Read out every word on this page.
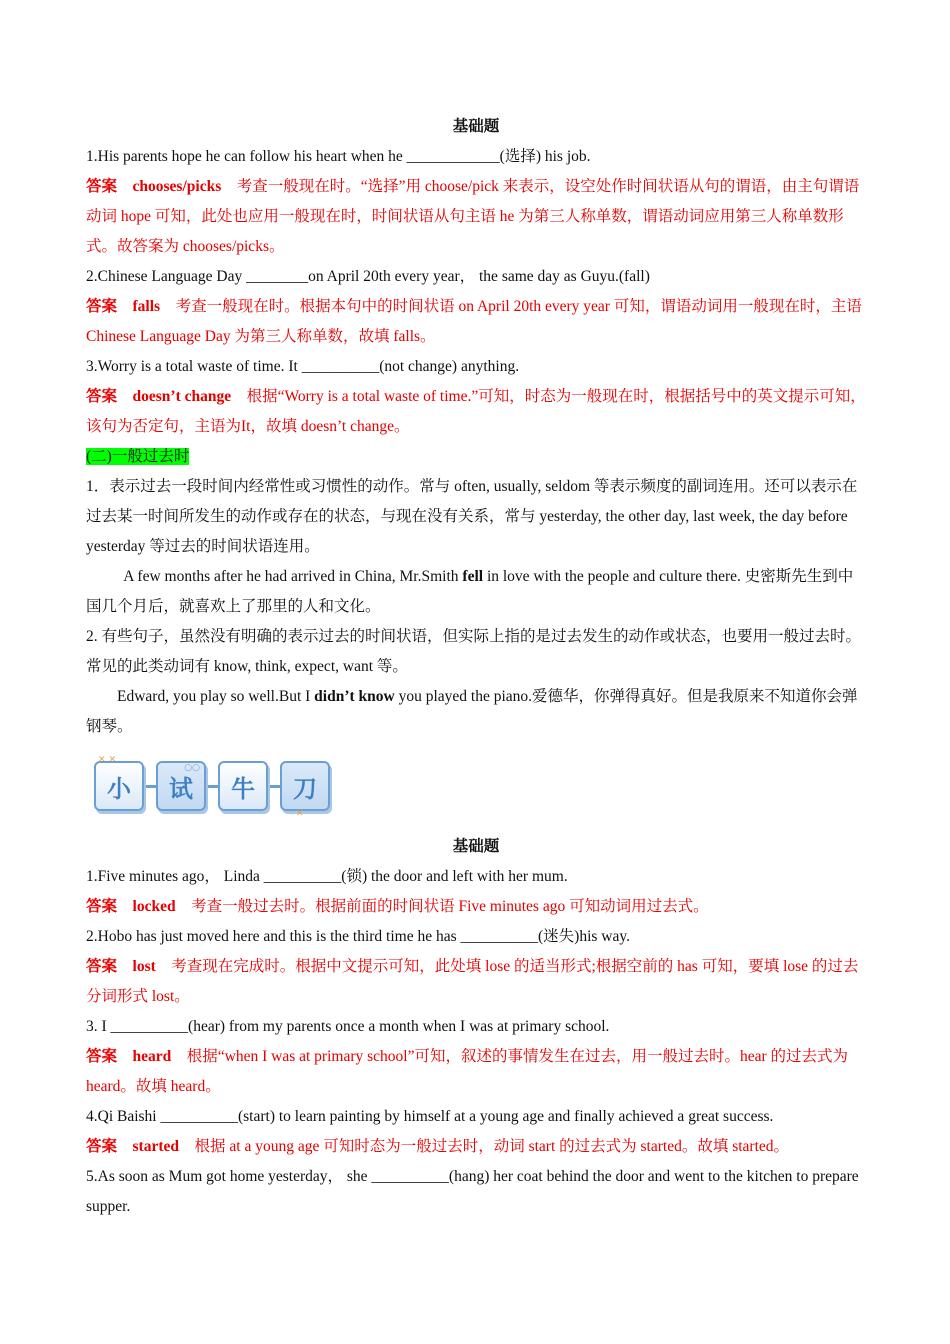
基础题

1.His parents hope he can follow his heart when he ____________(选择) his job.

答案 chooses/picks 考查一般现在时。“选择”用 choose/pick 来表示，设空处作时间状语从句的谓语，由主句谓语动词 hope 可知，此处也应用一般现在时，时间状语从句主语 he 为第三人称单数，谓语动词应用第三人称单数形式。故答案为 chooses/picks。

2.Chinese Language Day ________on April 20th every year， the same day as Guyu.(fall)

答案 falls 考查一般现在时。根据本句中的时间状语 on April 20th every year 可知，谓语动词用一般现在时，主语 Chinese Language Day 为第三人称单数，故填 falls。

3.Worry is a total waste of time. It __________(not change) anything.

答案 doesn’t change 根据“Worry is a total waste of time.”可知，时态为一般现在时，根据括号中的英文提示可知，该句为否定句，主语为It，故填 doesn’t change。

(二)一般过去时

1．表示过去一段时间内经常性或习惯性的动作。常与 often, usually, seldom 等表示频度的副词连用。还可以表示在过去某一时间所发生的动作或存在的状态，与现在没有关系，常与 yesterday, the other day, last week, the day before yesterday 等过去的时间状语连用。

A few months after he had arrived in China, Mr.Smith fell in love with the people and culture there. 史密斯先生到中国几个月后，就喜欢上了那里的人和文化。

2. 有些句子，虽然没有明确的表示过去的时间状语，但实际上指的是过去发生的动作或状态，也要用一般过去时。常见的此类动词有 know, think, expect, want 等。

Edward, you play so well.But I didn’t know you played the piano.爱德华，你弹得真好。但是我原来不知道你会弹钢琴。

✕ ✕
小
○○
试 牛
✕
刀

基础题

1.Five minutes ago， Linda __________(锁) the door and left with her mum.

答案 locked 考查一般过去时。根据前面的时间状语 Five minutes ago 可知动词用过去式。

2.Hobo has just moved here and this is the third time he has __________(迷失)his way.

答案 lost 考查现在完成时。根据中文提示可知，此处填 lose 的适当形式;根据空前的 has 可知，要填 lose 的过去分词形式 lost。

3. I __________(hear) from my parents once a month when I was at primary school.

答案 heard 根据“when I was at primary school”可知，叙述的事情发生在过去，用一般过去时。hear 的过去式为 heard。故填 heard。

4.Qi Baishi __________(start) to learn painting by himself at a young age and finally achieved a great success.

答案 started 根据 at a young age 可知时态为一般过去时，动词 start 的过去式为 started。故填 started。

5.As soon as Mum got home yesterday， she __________(hang) her coat behind the door and went to the kitchen to prepare supper.
